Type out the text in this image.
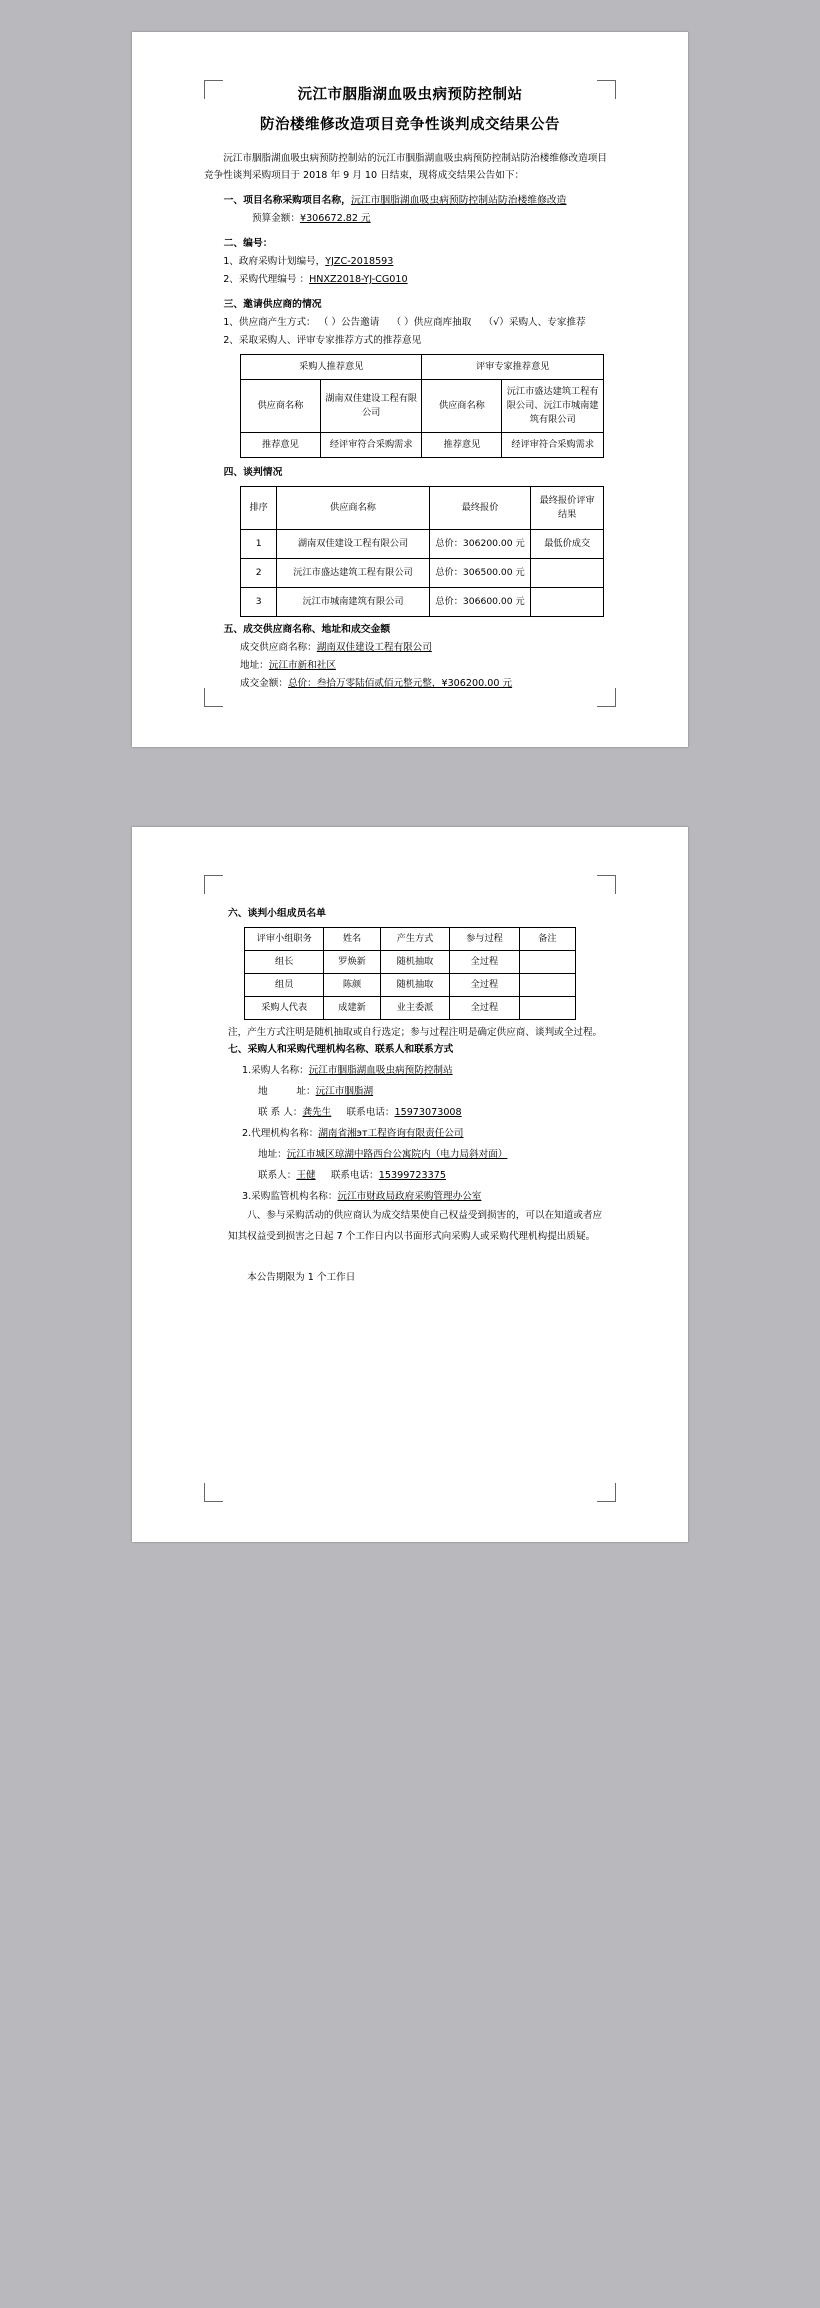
沅江市胭脂湖血吸虫病预防控制站
防治楼维修改造项目竞争性谈判成交结果公告
沅江市胭脂湖血吸虫病预防控制站的沅江市胭脂湖血吸虫病预防控制站防治楼维修改造项目竞争性谈判采购项目于 2018 年 9 月 10 日结束，现将成交结果公告如下：
一、项目名称采购项目名称，沅江市胭脂湖血吸虫病预防控制站防治楼维修改造
预算金额：¥306672.82 元
二、编号：
1、政府采购计划编号，YJZC-2018593
2、采购代理编号 ：HNXZ2018-YJ-CG010
三、邀请供应商的情况
1、供应商产生方式： （ ）公告邀请 （ ）供应商库抽取 （√）采购人、专家推荐
2、采取采购人、评审专家推荐方式的推荐意见
采购人推荐意见		评审专家推荐意见	
供应商名称	湖南双佳建设工程有限公司	供应商名称	沅江市盛达建筑工程有限公司、沅江市城南建筑有限公司
推荐意见	经评审符合采购需求	推荐意见	经评审符合采购需求
四、谈判情况
排序	供应商名称	最终报价	最终报价评审结果
1	湖南双佳建设工程有限公司	总价：306200.00 元	最低价成交
2	沅江市盛达建筑工程有限公司	总价：306500.00 元	
3	沅江市城南建筑有限公司	总价：306600.00 元	
五、成交供应商名称、地址和成交金额
成交供应商名称：湖南双佳建设工程有限公司
地址：沅江市新和社区
成交金额：总价：叁拾万零陆佰贰佰元整元整，¥306200.00 元
六、谈判小组成员名单
评审小组职务	姓名	产生方式	参与过程	备注
组长	罗焕新	随机抽取	全过程	
组员	陈颜	随机抽取	全过程	
采购人代表	成建新	业主委派	全过程	
注，产生方式注明是随机抽取或自行选定；参与过程注明是确定供应商、谈判或全过程。
七、采购人和采购代理机构名称、联系人和联系方式
1.采购人名称：沅江市胭脂湖血吸虫病预防控制站
地　　　址：沅江市胭脂湖
联 系 人：龚先生 联系电话：15973073008
2.代理机构名称：湖南省湘эт工程咨询有限责任公司
地址：沅江市城区琼湖中路西台公寓院内（电力局斜对面）
联系人：王健 联系电话：15399723375
3.采购监管机构名称：沅江市财政局政府采购管理办公室
八、参与采购活动的供应商认为成交结果使自己权益受到损害的，可以在知道或者应
知其权益受到损害之日起 7 个工作日内以书面形式向采购人或采购代理机构提出质疑。
本公告期限为 1 个工作日
